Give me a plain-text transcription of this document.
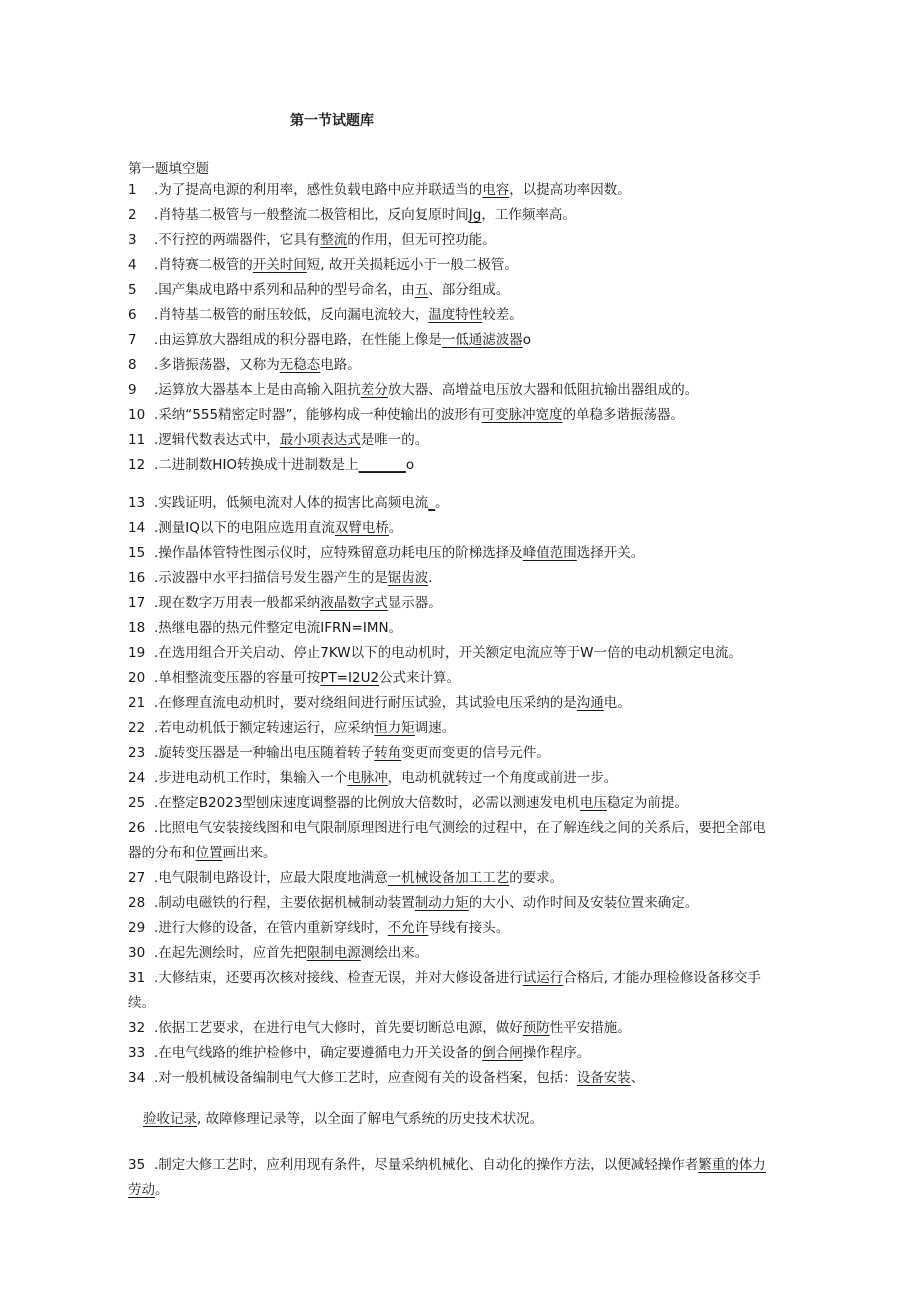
第一节试题库
第一题填空题
1 .为了提高电源的利用率，感性负载电路中应并联适当的电容，以提高功率因数。
2 .肖特基二极管与一般整流二极管相比，反向复原时间Jg，工作频率高。
3 .不行控的两端器件，它具有整流的作用，但无可控功能。
4 .肖特赛二极管的开关时间短, 故开关损耗远小于一般二极管。
5 .国产集成电路中系列和品种的型号命名，由五、部分组成。
6 .肖特基二极管的耐压较低，反向漏电流较大，温度特性较差。
7 .由运算放大器组成的积分器电路，在性能上像是一低通滤波器o
8 .多谐振荡器，又称为无稳态电路。
9 .运算放大器基本上是由高输入阻抗差分放大器、高增益电压放大器和低阻抗输出器组成的。
10 .采纳“555精密定时器”，能够构成一种使输出的波形有可变脉冲宽度的单稳多谐振荡器。
11 .逻辑代数表达式中，最小项表达式是唯一的。
12 .二进制数HIO转换成十进制数是上_______o
13 .实践证明，低频电流对人体的损害比高频电流_。
14 .测量IQ以下的电阻应选用直流双臂电桥。
15 .操作晶体管特性图示仪时，应特殊留意功耗电压的阶梯选择及峰值范围选择开关。
16 .示波器中水平扫描信号发生器产生的是锯齿波.
17 .现在数字万用表一般都采纳液晶数字式显示器。
18 .热继电器的热元件整定电流IFRN=IMN。
19 .在选用组合开关启动、停止7KW以下的电动机时，开关额定电流应等于W一倍的电动机额定电流。
20 .单相整流变压器的容量可按PT=I2U2公式来计算。
21 .在修理直流电动机时，要对绕组间进行耐压试验，其试验电压采纳的是沟通电。
22 .若电动机低于额定转速运行，应采纳恒力矩调速。
23 .旋转变压器是一种输出电压随着转子转角变更而变更的信号元件。
24 .步进电动机工作时，集输入一个电脉冲，电动机就转过一个角度或前进一步。
25 .在整定B2023型刨床速度调整器的比例放大倍数时，必需以测速发电机电压稳定为前提。
26 .比照电气安装接线图和电气限制原理图进行电气测绘的过程中，在了解连线之间的关系后，要把全部电
27 .电气限制电路设计，应最大限度地满意一机械设备加工工艺的要求。
28 .制动电磁铁的行程，主要依据机械制动装置制动力矩的大小、动作时间及安装位置来确定。
29 .进行大修的设备，在管内重新穿线时，不允许导线有接头。
30 .在起先测绘时，应首先把限制电源测绘出来。
31 .大修结束，还要再次核对接线、检查无误，并对大修设备进行试运行合格后, 才能办理检修设备移交手
32 .依据工艺要求，在进行电气大修时，首先要切断总电源，做好预防性平安措施。
33 .在电气线路的维护检修中，确定要遵循电力开关设备的倒合闸操作程序。
34 .对一般机械设备编制电气大修工艺时，应查阅有关的设备档案，包括：设备安装、
35 .制定大修工艺时，应利用现有条件，尽量采纳机械化、自动化的操作方法，以便减轻操作者繁重的体力
器的分布和位置画出来。
续。
验收记录, 故障修理记录等，以全面了解电气系统的历史技术状况。
劳动。
